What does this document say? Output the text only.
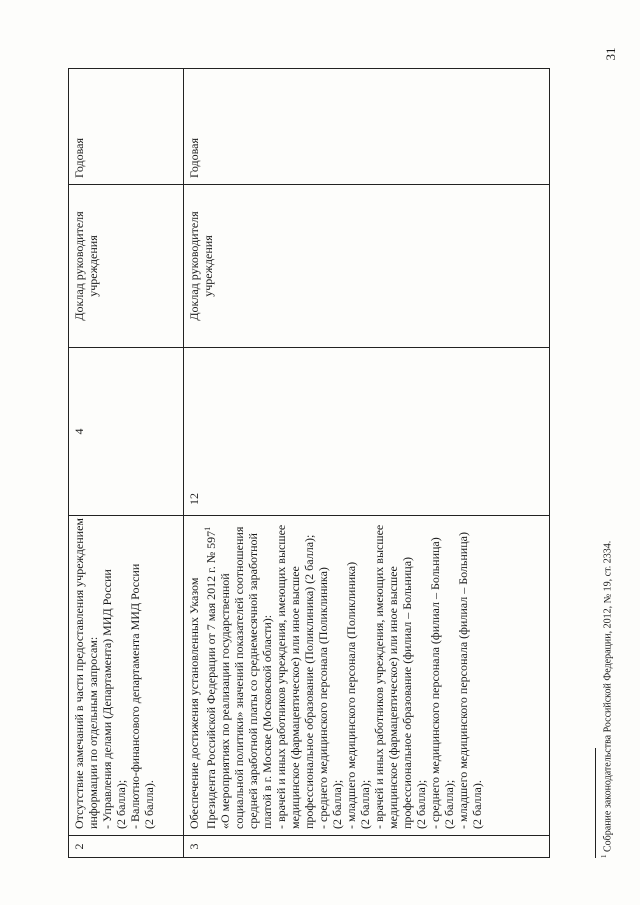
31
2
Отсутствие замечаний в части предоставления учреждением информации по отдельным запросам: - Управления делами (Департамента) МИД России (2 балла); - Валютно-финансового департамента МИД России (2 балла).
4
Доклад руководителя учреждения
Годовая
3
Обеспечение достижения установленных Указом Президента Российской Федерации от 7 мая 2012 г. № $597^1$
«О мероприятиях по реализации государственной социальной политики» значений показателей соотношения средней заработной платы со среднемесячной заработной платой в г. Москве (Московской области): - врачей и иных работников учреждения, имеющих высшее медицинское (фармацевтическое) или иное высшее профессиональное образование (Поликлиника) (2 балла); - среднего медицинского персонала (Поликлиника) (2 балла); - младшего медицинского персонала (Поликлиника) (2 балла); - врачей и иных работников учреждения, имеющих высшее медицинское (фармацевтическое) или иное высшее профессиональное образование (филиал – Больница) (2 балла); - среднего медицинского персонала (филиал – Больница) (2 балла); - младшего медицинского персонала (филиал – Больница) (2 балла).
12
Доклад руководителя учреждения
Годовая
$^1$ Собрание законодательства Российской Федерации, 2012, № 19, ст. 2334.
